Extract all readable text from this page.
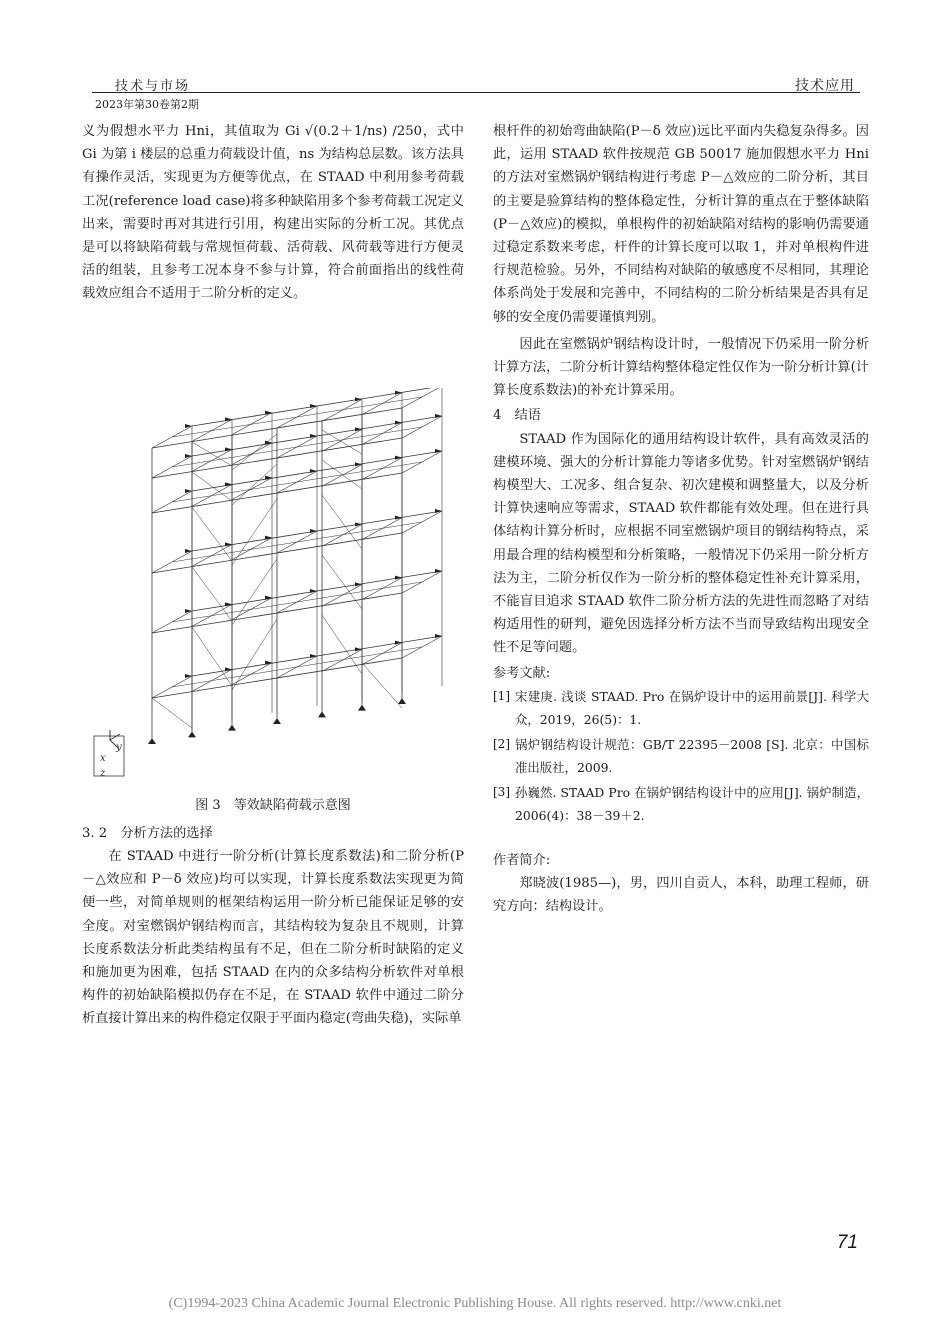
技术与市场
2023年第30卷第2期
技术应用

义为假想水平力 Hni，其值取为 Gi √(0.2＋1/ns) /250，式中 Gi 为第 i 楼层的总重力荷载设计值，ns 为结构总层数。该方法具有操作灵活，实现更为方便等优点，在 STAAD 中利用参考荷载工况(reference load case)将多种缺陷用多个参考荷载工况定义出来，需要时再对其进行引用，构建出实际的分析工况。其优点是可以将缺陷荷载与常规恒荷载、活荷载、风荷载等进行方便灵活的组装，且参考工况本身不参与计算，符合前面指出的线性荷载效应组合不适用于二阶分析的定义。

y
x
z
图 3　等效缺陷荷载示意图
3. 2　分析方法的选择

在 STAAD 中进行一阶分析(计算长度系数法)和二阶分析(P－△效应和 P－δ 效应)均可以实现，计算长度系数法实现更为简便一些，对简单规则的框架结构运用一阶分析已能保证足够的安全度。对室燃锅炉钢结构而言，其结构较为复杂且不规则，计算长度系数法分析此类结构虽有不足，但在二阶分析时缺陷的定义和施加更为困难，包括 STAAD 在内的众多结构分析软件对单根构件的初始缺陷模拟仍存在不足，在 STAAD 软件中通过二阶分析直接计算出来的构件稳定仅限于平面内稳定(弯曲失稳)，实际单

根杆件的初始弯曲缺陷(P－δ 效应)远比平面内失稳复杂得多。因此，运用 STAAD 软件按规范 GB 50017 施加假想水平力 Hni 的方法对室燃锅炉钢结构进行考虑 P－△效应的二阶分析，其目的主要是验算结构的整体稳定性，分析计算的重点在于整体缺陷(P－△效应)的模拟，单根构件的初始缺陷对结构的影响仍需要通过稳定系数来考虑，杆件的计算长度可以取 1，并对单根构件进行规范检验。另外，不同结构对缺陷的敏感度不尽相同，其理论体系尚处于发展和完善中，不同结构的二阶分析结果是否具有足够的安全度仍需要谨慎判别。

因此在室燃锅炉钢结构设计时，一般情况下仍采用一阶分析计算方法，二阶分析计算结构整体稳定性仅作为一阶分析计算(计算长度系数法)的补充计算采用。

4　结语

STAAD 作为国际化的通用结构设计软件，具有高效灵活的建模环境、强大的分析计算能力等诸多优势。针对室燃锅炉钢结构模型大、工况多、组合复杂、初次建模和调整量大，以及分析计算快速响应等需求，STAAD 软件都能有效处理。但在进行具体结构计算分析时，应根据不同室燃锅炉项目的钢结构特点，采用最合理的结构模型和分析策略，一般情况下仍采用一阶分析方法为主，二阶分析仅作为一阶分析的整体稳定性补充计算采用，不能盲目追求 STAAD 软件二阶分析方法的先进性而忽略了对结构适用性的研判，避免因选择分析方法不当而导致结构出现安全性不足等问题。

参考文献:

[1] 宋建庚. 浅谈 STAAD. Pro 在锅炉设计中的运用前景[J]. 科学大众，2019，26(5)：1.
[2] 锅炉钢结构设计规范：GB/T 22395－2008 [S]. 北京：中国标准出版社，2009.
[3] 孙巍然. STAAD Pro 在锅炉钢结构设计中的应用[J]. 锅炉制造，2006(4)：38－39＋2.

作者简介:

郑晓波(1985—)，男，四川自贡人，本科，助理工程师，研究方向：结构设计。

71
(C)1994-2023 China Academic Journal Electronic Publishing House. All rights reserved. http://www.cnki.net
